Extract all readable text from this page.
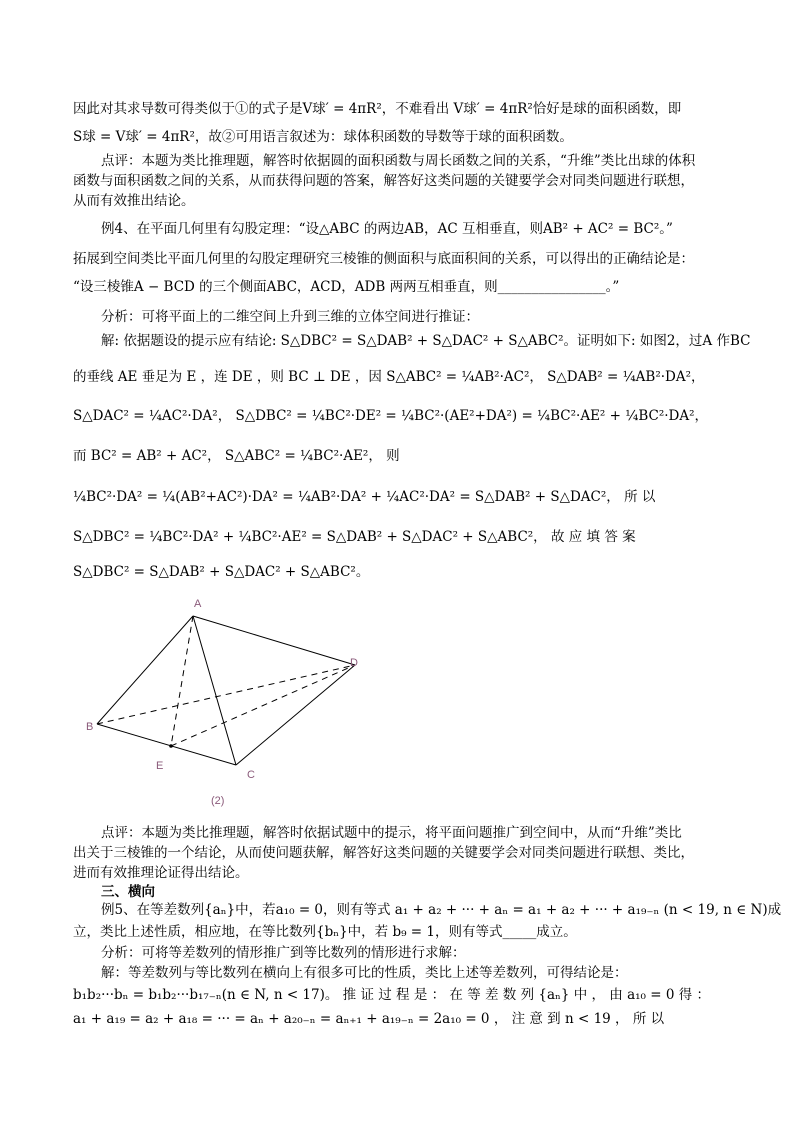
因此对其求导数可得类似于①的式子是V球′ = 4πR²，不难看出 V球′ = 4πR²恰好是球的面积函数，即
S球 = V球′ = 4πR²，故②可用语言叙述为：球体积函数的导数等于球的面积函数。
点评：本题为类比推理题，解答时依据圆的面积函数与周长函数之间的关系，“升维”类比出球的体积
函数与面积函数之间的关系，从而获得问题的答案，解答好这类问题的关键要学会对同类问题进行联想，
从而有效推出结论。
例4、在平面几何里有勾股定理：“设△ABC 的两边AB，AC 互相垂直，则AB² + AC² = BC²。”
拓展到空间类比平面几何里的勾股定理研究三棱锥的侧面积与底面积间的关系，可以得出的正确结论是：
“设三棱锥A − BCD 的三个侧面ABC，ACD，ADB 两两互相垂直，则________________。”
分析：可将平面上的二维空间上升到三维的立体空间进行推证：
解: 依据题设的提示应有结论: S△DBC² = S△DAB² + S△DAC² + S△ABC²。证明如下: 如图2，过A 作BC
的垂线 AE 垂足为 E ，连 DE ，则 BC ⊥ DE ，因 S△ABC² = ¼AB²·AC²， S△DAB² = ¼AB²·DA²，
S△DAC² = ¼AC²·DA²， S△DBC² = ¼BC²·DE² = ¼BC²·(AE²+DA²) = ¼BC²·AE² + ¼BC²·DA²，
而 BC² = AB² + AC²， S△ABC² = ¼BC²·AE²， 则
¼BC²·DA² = ¼(AB²+AC²)·DA² = ¼AB²·DA² + ¼AC²·DA² = S△DAB² + S△DAC²， 所 以
S△DBC² = ¼BC²·DA² + ¼BC²·AE² = S△DAB² + S△DAC² + S△ABC²， 故 应 填 答 案
S△DBC² = S△DAB² + S△DAC² + S△ABC²。
A
B
C
D
E
(2)
点评：本题为类比推理题，解答时依据试题中的提示，将平面问题推广到空间中，从而“升维”类比
出关于三棱锥的一个结论，从而使问题获解，解答好这类问题的关键要学会对同类问题进行联想、类比，
进而有效推理论证得出结论。
三、横向
例5、在等差数列{aₙ}中，若a₁₀ = 0，则有等式 a₁ + a₂ + ··· + aₙ = a₁ + a₂ + ··· + a₁₉₋ₙ (n < 19, n ∈ N)成
立，类比上述性质，相应地，在等比数列{bₙ}中，若 b₉ = 1，则有等式_____成立。
分析：可将等差数列的情形推广到等比数列的情形进行求解：
解：等差数列与等比数列在横向上有很多可比的性质，类比上述等差数列，可得结论是：
b₁b₂···bₙ = b₁b₂···b₁₇₋ₙ(n ∈ N, n < 17)。 推 证 过 程 是 ： 在 等 差 数 列 {aₙ} 中 ， 由 a₁₀ = 0 得 ：
a₁ + a₁₉ = a₂ + a₁₈ = ··· = aₙ + a₂₀₋ₙ = aₙ₊₁ + a₁₉₋ₙ = 2a₁₀ = 0 ， 注 意 到 n < 19 ， 所 以
